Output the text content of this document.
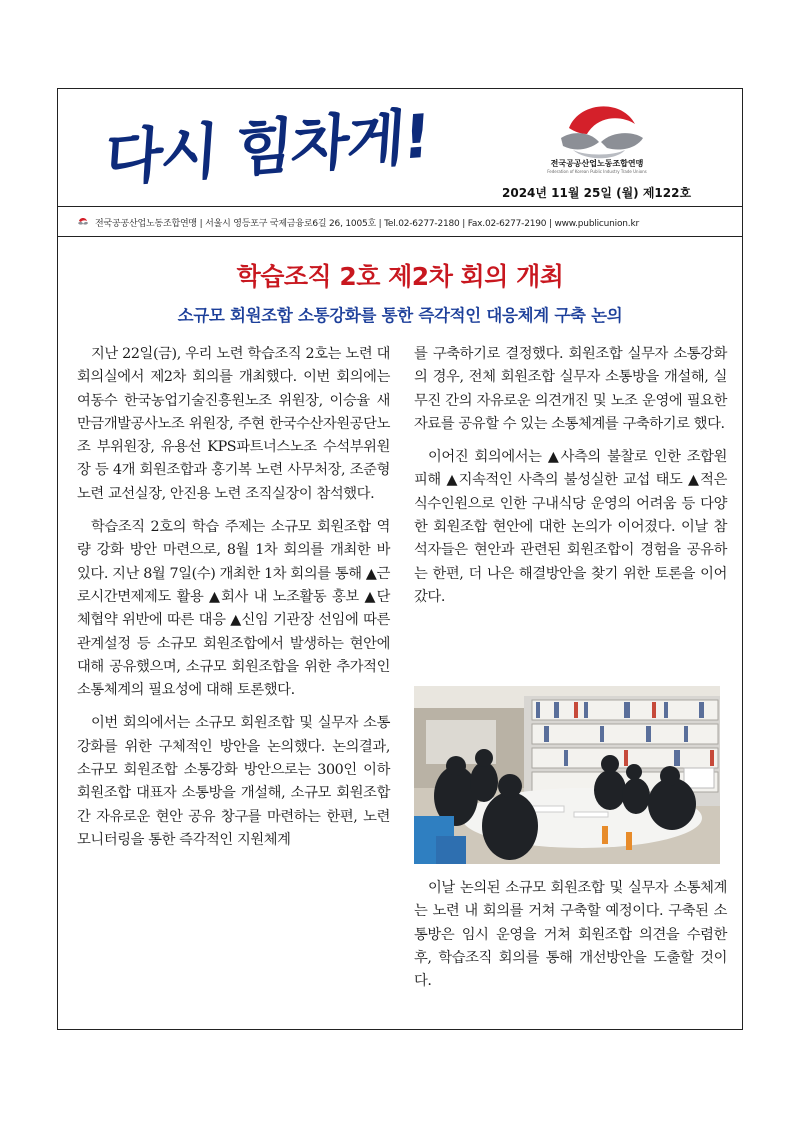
다시 힘차게!	전국공공산업노동조합연맹
Federation of Korean Public Industry Trade Unions
2024년 11월 25일 (월) 제122호
전국공공산업노동조합연맹 | 서울시 영등포구 국제금융로6길 26, 1005호 | Tel.02-6277-2180 | Fax.02-6277-2190 | www.publicunion.kr
학습조직 2호 제2차 회의 개최
소규모 회원조합 소통강화를 통한 즉각적인 대응체계 구축 논의

지난 22일(금), 우리 노련 학습조직 2호는 노련 대회의실에서 제2차 회의를 개최했다. 이번 회의에는 여동수 한국농업기술진흥원노조 위원장, 이승율 새만금개발공사노조 위원장, 주현 한국수산자원공단노조 부위원장, 유용선 KPS파트너스노조 수석부위원장 등 4개 회원조합과 홍기복 노련 사무처장, 조준형 노련 교선실장, 안진용 노련 조직실장이 참석했다.

학습조직 2호의 학습 주제는 소규모 회원조합 역량 강화 방안 마련으로, 8월 1차 회의를 개최한 바 있다. 지난 8월 7일(수) 개최한 1차 회의를 통해 ▲근로시간면제제도 활용 ▲회사 내 노조활동 홍보 ▲단체협약 위반에 따른 대응 ▲신임 기관장 선임에 따른 관계설정 등 소규모 회원조합에서 발생하는 현안에 대해 공유했으며, 소규모 회원조합을 위한 추가적인 소통체계의 필요성에 대해 토론했다.

이번 회의에서는 소규모 회원조합 및 실무자 소통강화를 위한 구체적인 방안을 논의했다. 논의결과, 소규모 회원조합 소통강화 방안으로는 300인 이하 회원조합 대표자 소통방을 개설해, 소규모 회원조합 간 자유로운 현안 공유 창구를 마련하는 한편, 노련 모니터링을 통한 즉각적인 지원체계

를 구축하기로 결정했다. 회원조합 실무자 소통강화의 경우, 전체 회원조합 실무자 소통방을 개설해, 실무진 간의 자유로운 의견개진 및 노조 운영에 필요한 자료를 공유할 수 있는 소통체계를 구축하기로 했다.

이어진 회의에서는 ▲사측의 불찰로 인한 조합원 피해 ▲지속적인 사측의 불성실한 교섭 태도 ▲적은 식수인원으로 인한 구내식당 운영의 어려움 등 다양한 회원조합 현안에 대한 논의가 이어졌다. 이날 참석자들은 현안과 관련된 회원조합이 경험을 공유하는 한편, 더 나은 해결방안을 찾기 위한 토론을 이어갔다.

이날 논의된 소규모 회원조합 및 실무자 소통체계는 노련 내 회의를 거쳐 구축할 예정이다. 구축된 소통방은 임시 운영을 거쳐 회원조합 의견을 수렴한 후, 학습조직 회의를 통해 개선방안을 도출할 것이다.
